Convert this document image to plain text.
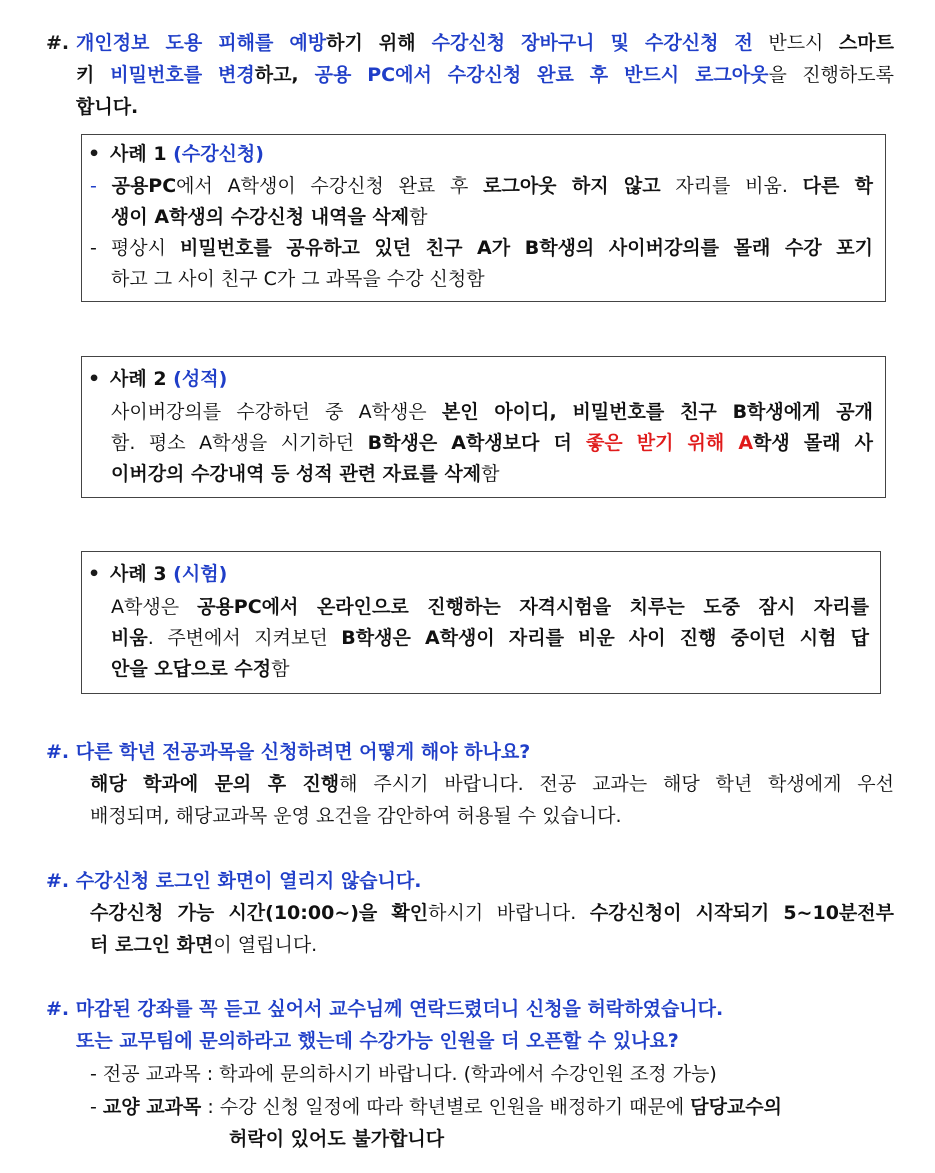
#. 개인정보 도용 피해를 예방하기 위해 수강신청 장바구니 및 수강신청 전 반드시 스마트
키 비밀번호를 변경하고, 공용 PC에서 수강신청 완료 후 반드시 로그아웃을 진행하도록
합니다.
• 사례 1 (수강신청)
- 공용PC에서 A학생이 수강신청 완료 후 로그아웃 하지 않고 자리를 비움. 다른 학
생이 A학생의 수강신청 내역을 삭제함
- 평상시 비밀번호를 공유하고 있던 친구 A가 B학생의 사이버강의를 몰래 수강 포기
하고 그 사이 친구 C가 그 과목을 수강 신청함
• 사례 2 (성적)
사이버강의를 수강하던 중 A학생은 본인 아이디, 비밀번호를 친구 B학생에게 공개
함. 평소 A학생을 시기하던 B학생은 A학생보다 더 좋은 받기 위해 A학생 몰래 사
이버강의 수강내역 등 성적 관련 자료를 삭제함
• 사례 3 (시험)
A학생은 공용PC에서 온라인으로 진행하는 자격시험을 치루는 도중 잠시 자리를
비움. 주변에서 지켜보던 B학생은 A학생이 자리를 비운 사이 진행 중이던 시험 답
안을 오답으로 수정함
#. 다른 학년 전공과목을 신청하려면 어떻게 해야 하나요?
해당 학과에 문의 후 진행해 주시기 바랍니다. 전공 교과는 해당 학년 학생에게 우선
배정되며, 해당교과목 운영 요건을 감안하여 허용될 수 있습니다.
#. 수강신청 로그인 화면이 열리지 않습니다.
수강신청 가능 시간(10:00~)을 확인하시기 바랍니다. 수강신청이 시작되기 5~10분전부
터 로그인 화면이 열립니다.
#. 마감된 강좌를 꼭 듣고 싶어서 교수님께 연락드렸더니 신청을 허락하였습니다.
또는 교무팀에 문의하라고 했는데 수강가능 인원을 더 오픈할 수 있나요?
- 전공 교과목 : 학과에 문의하시기 바랍니다. (학과에서 수강인원 조정 가능)
- 교양 교과목 : 수강 신청 일정에 따라 학년별로 인원을 배정하기 때문에 담당교수의
허락이 있어도 불가합니다
